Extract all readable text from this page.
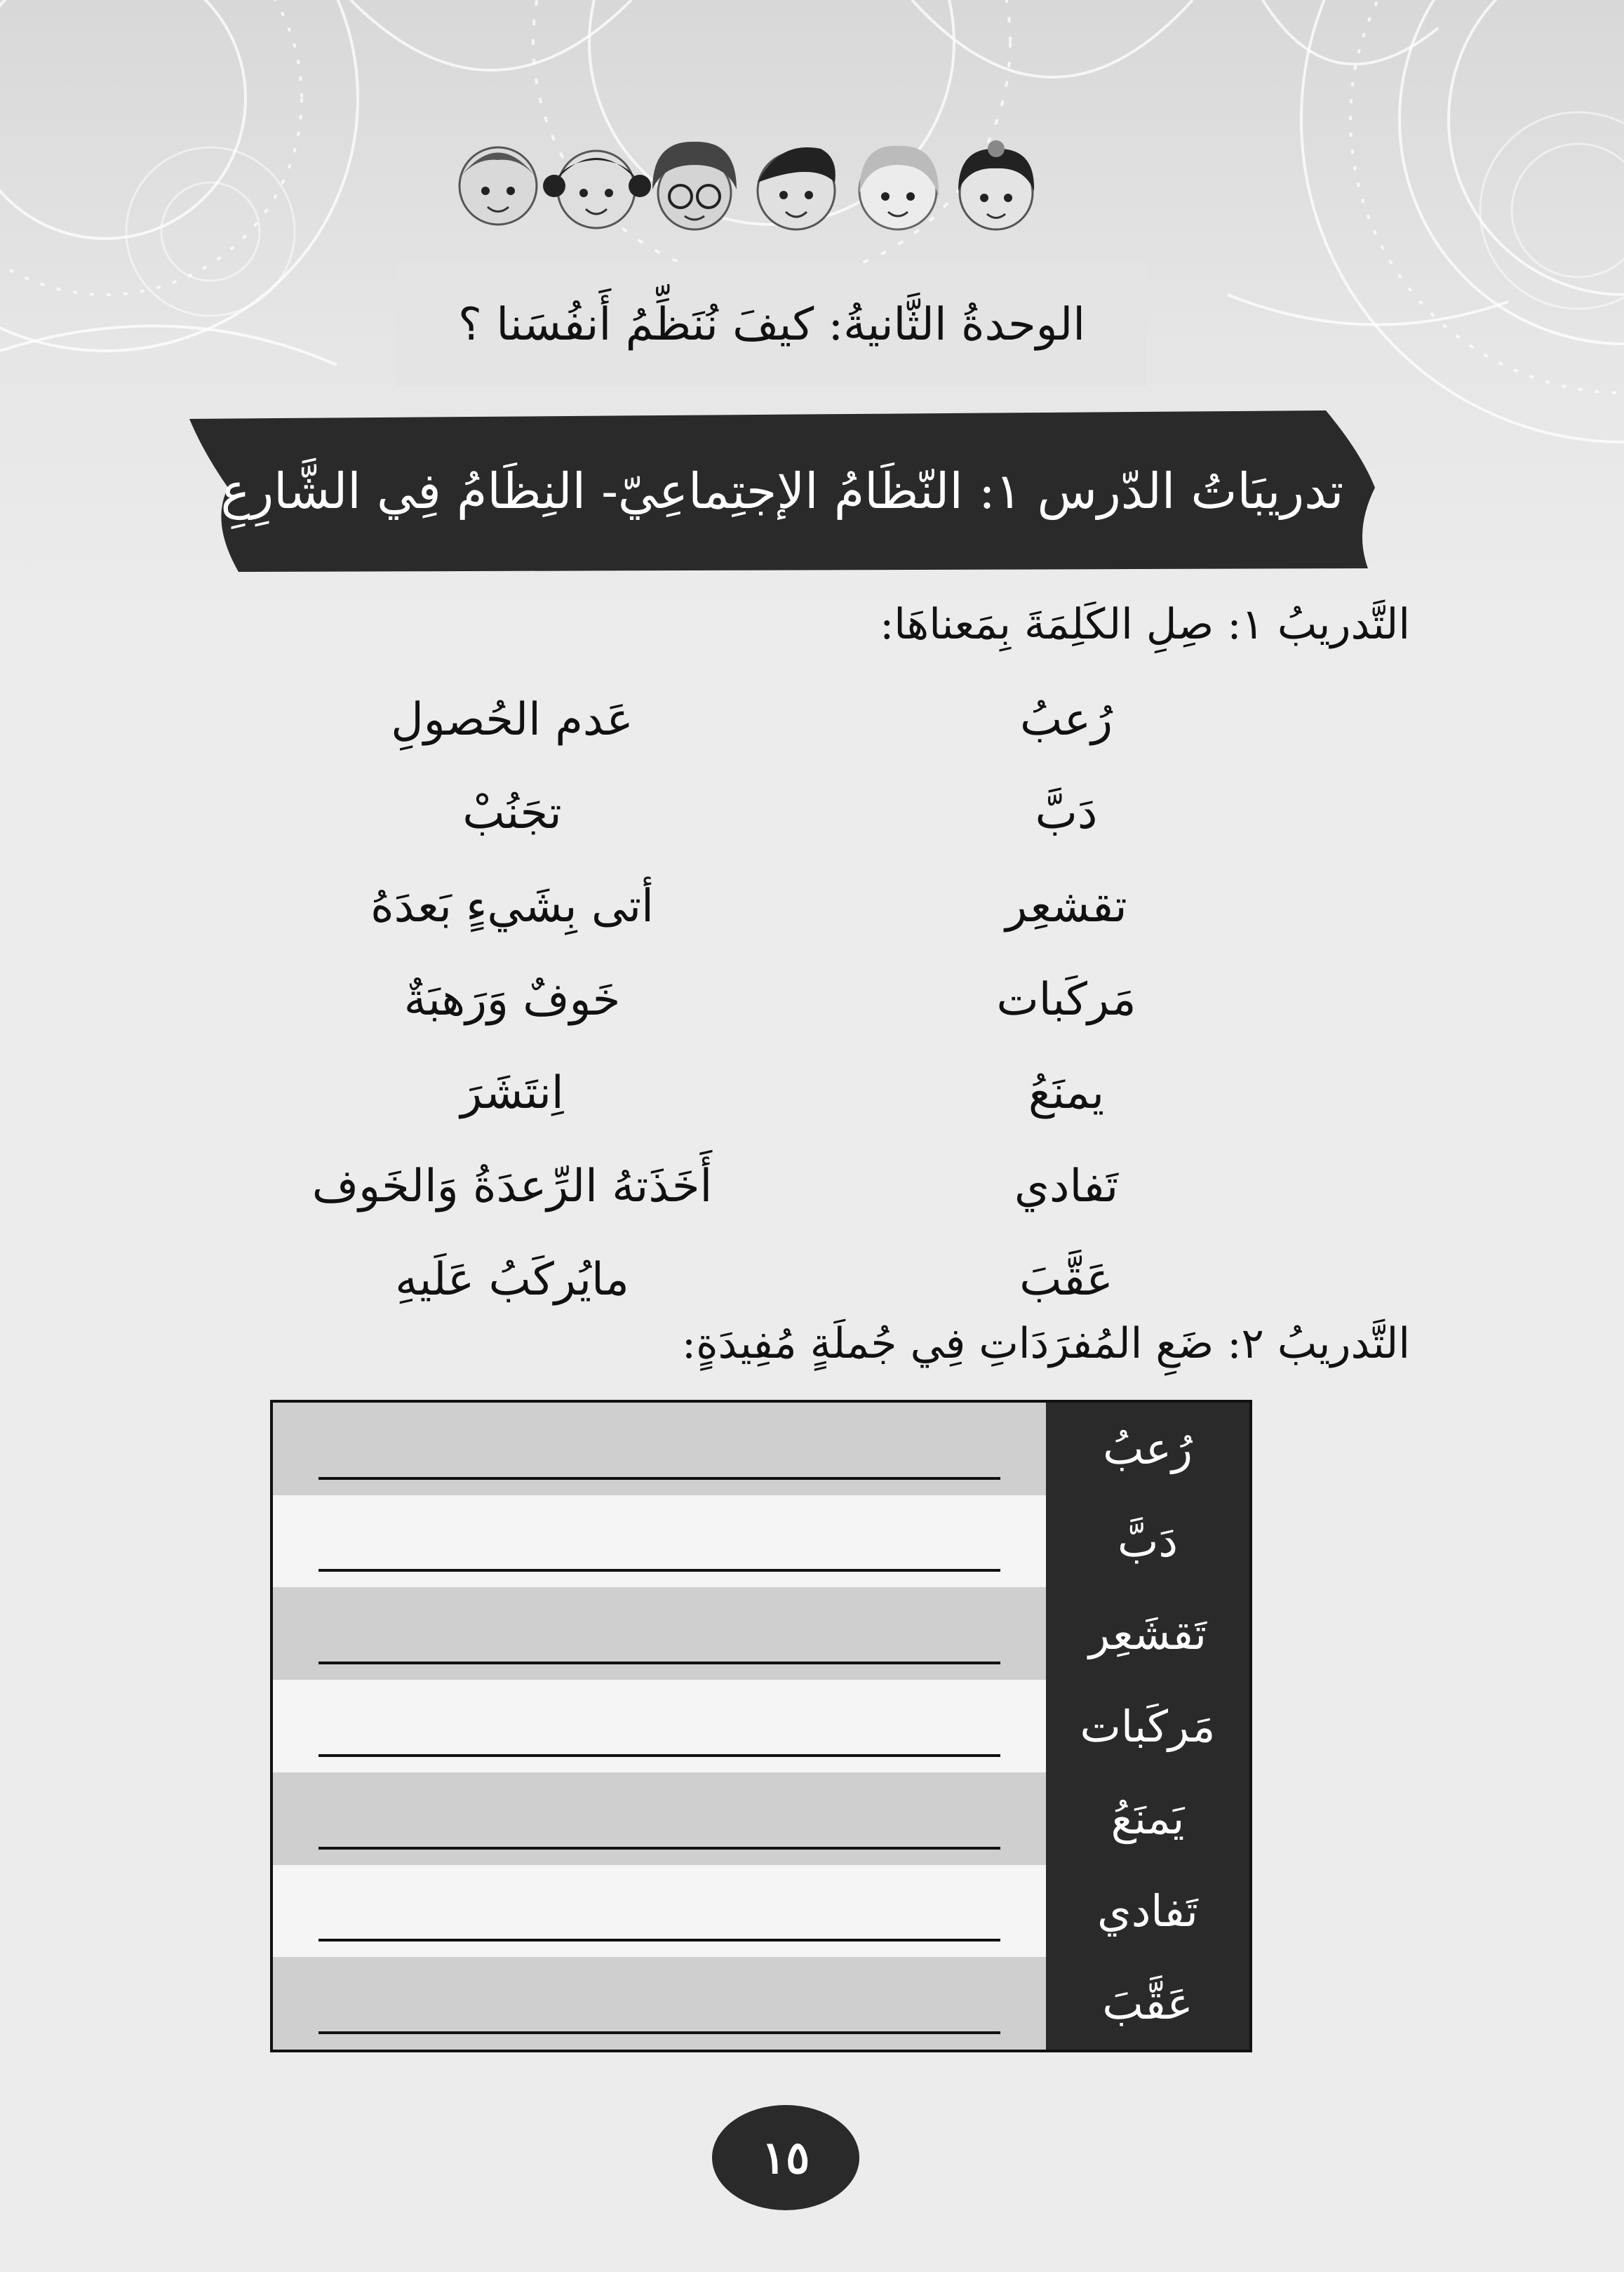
الوحدةُ الثَّانيةُ: كيفَ نُنَظِّمُ أَنفُسَنا ؟
تدريبَاتُ الدّرس ١: النّظَامُ الإجتِماعِيّ- النِظَامُ فِي الشَّارِعِ
التَّدريبُ ١: صِلِ الكَلِمَةَ بِمَعناهَا:
رُعبُ
دَبَّ
تقشعِر
مَركَبات
يمنَعُ
تَفادي
عَقَّبَ
عَدم الحُصولِ
تجَنُبْ
أتى بِشَيءٍ بَعدَهُ
خَوفٌ وَرَهبَةٌ
اِنتَشَرَ
أَخَذَتهُ الرِّعدَةُ وَالخَوف
مايُركَبُ عَلَيهِ
التَّدريبُ ٢: ضَعِ المُفرَدَاتِ فِي جُملَةٍ مُفِيدَةٍ:
رُعبُ
دَبَّ
تَقشَعِر
مَركَبات
يَمنَعُ
تَفادي
عَقَّبَ
١٥
